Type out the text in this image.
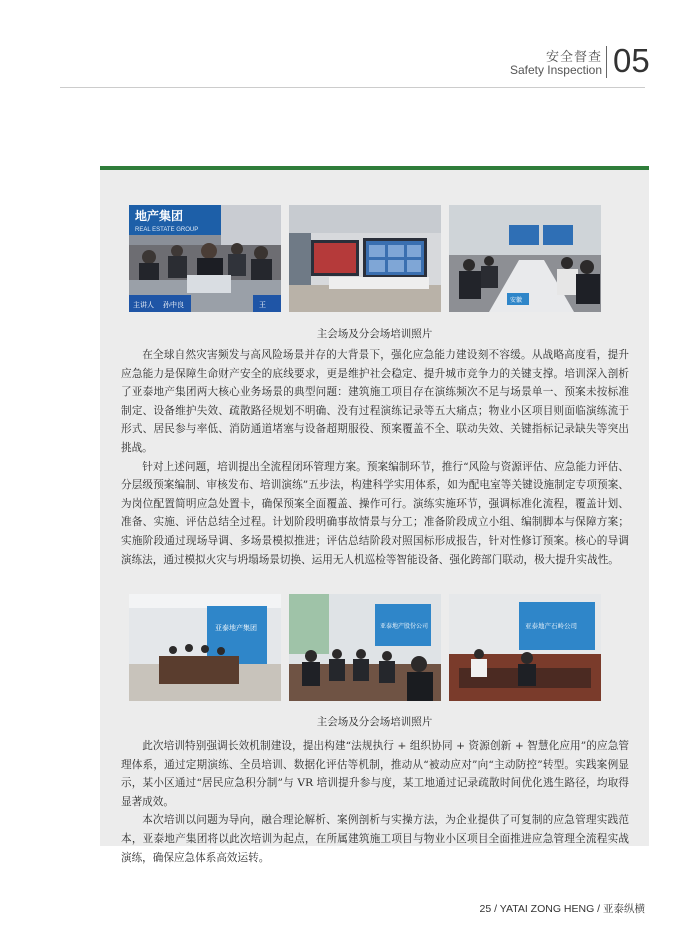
安全督查
Safety Inspection 05
地产集团
REAL ESTATE GROUP
主讲人 孙中良	王
安徽
主会场及分会场培训照片

在全球自然灾害频发与高风险场景并存的大背景下，强化应急能力建设刻不容缓。从战略高度看，提升应急能力是保障生命财产安全的底线要求，更是维护社会稳定、提升城市竞争力的关键支撑。培训深入剖析了亚泰地产集团两大核心业务场景的典型问题：建筑施工项目存在演练频次不足与场景单一、预案未按标准制定、设备维护失效、疏散路径规划不明确、没有过程演练记录等五大痛点；物业小区项目则面临演练流于形式、居民参与率低、消防通道堵塞与设备超期服役、预案覆盖不全、联动失效、关键指标记录缺失等突出挑战。

针对上述问题，培训提出全流程闭环管理方案。预案编制环节，推行“风险与资源评估、应急能力评估、分层级预案编制、审核发布、培训演练”五步法，构建科学实用体系，如为配电室等关键设施制定专项预案、为岗位配置简明应急处置卡，确保预案全面覆盖、操作可行。演练实施环节，强调标准化流程，覆盖计划、准备、实施、评估总结全过程。计划阶段明确事故情景与分工；准备阶段成立小组、编制脚本与保障方案；实施阶段通过现场导调、多场景模拟推进；评估总结阶段对照国标形成报告，针对性修订预案。核心的导调演练法，通过模拟火灾与坍塌场景切换、运用无人机巡检等智能设备、强化跨部门联动，极大提升实战性。

亚泰地产集团	亚泰地产股份公司	亚泰地产石岭公司
主会场及分会场培训照片

此次培训特别强调长效机制建设，提出构建“法规执行 + 组织协同 + 资源创新 + 智慧化应用”的应急管理体系，通过定期演练、全员培训、数据化评估等机制，推动从“被动应对”向“主动防控”转型。实践案例显示，某小区通过“居民应急积分制”与 VR 培训提升参与度，某工地通过记录疏散时间优化逃生路径，均取得显著成效。

本次培训以问题为导向，融合理论解析、案例剖析与实操方法，为企业提供了可复制的应急管理实践范本，亚泰地产集团将以此次培训为起点，在所属建筑施工项目与物业小区项目全面推进应急管理全流程实战演练，确保应急体系高效运转。

25 / YATAI ZONG HENG / 亚泰纵横
